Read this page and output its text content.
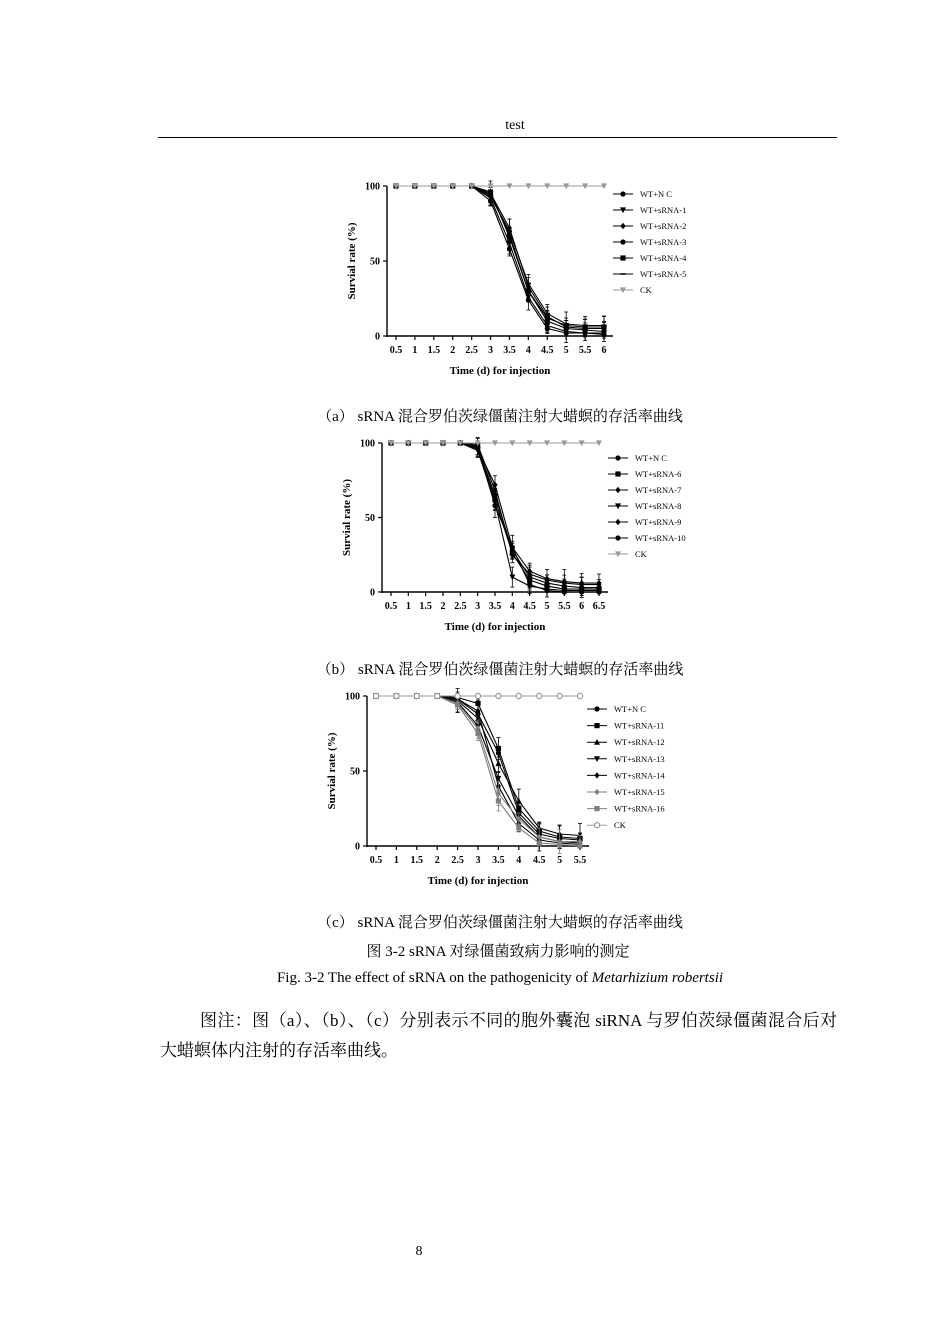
test
0
50
100
0.5 1 1.5 2 2.5 3 3.5 4 4.5 5 5.5 6
Time (d) for injection
Survial rate (%)
WT+N C
WT+sRNA-1
WT+sRNA-2
WT+sRNA-3
WT+sRNA-4
WT+sRNA-5
CK
（a） sRNA 混合罗伯茨绿僵菌注射大蜡螟的存活率曲线
0
50
100
0.5 1 1.5 2 2.5 3 3.5 4 4.5 5 5.5 6 6.5
Time (d) for injection
Survial rate (%)
WT+N C
WT+sRNA-6
WT+sRNA-7
WT+sRNA-8
WT+sRNA-9
WT+sRNA-10
CK
（b） sRNA 混合罗伯茨绿僵菌注射大蜡螟的存活率曲线
0
50
100
0.5 1 1.5 2 2.5 3 3.5 4 4.5 5 5.5
Time (d) for injection
Survial rate (%)
WT+N C
WT+sRNA-11
WT+sRNA-12
WT+sRNA-13
WT+sRNA-14
WT+sRNA-15
WT+sRNA-16
CK
（c） sRNA 混合罗伯茨绿僵菌注射大蜡螟的存活率曲线
图 3-2 sRNA 对绿僵菌致病力影响的测定
Fig. 3-2 The effect of sRNA on the pathogenicity of Metarhizium robertsii
图注：图（a）、（b）、（c）分别表示不同的胞外囊泡 siRNA 与罗伯茨绿僵菌混合后对大蜡螟体内注射的存活率曲线。
8
